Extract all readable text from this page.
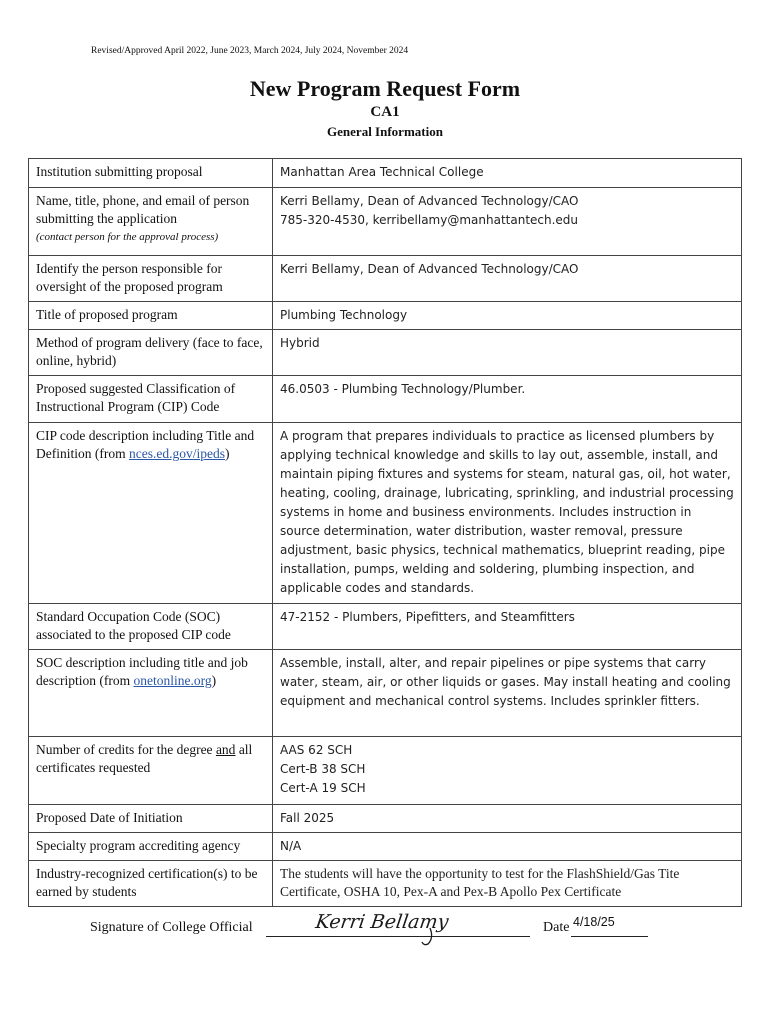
Revised/Approved April 2022, June 2023, March 2024, July 2024, November 2024
New Program Request Form
CA1
General Information
Institution submitting proposal	Manhattan Area Technical College
Name, title, phone, and email of person submitting the application
(contact person for the approval process)	Kerri Bellamy, Dean of Advanced Technology/CAO
785-320-4530, kerribellamy@manhattantech.edu

Identify the person responsible for oversight of the proposed program	Kerri Bellamy, Dean of Advanced Technology/CAO
Title of proposed program	Plumbing Technology
Method of program delivery (face to face, online, hybrid)	Hybrid
Proposed suggested Classification of Instructional Program (CIP) Code	46.0503 - Plumbing Technology/Plumber.
CIP code description including Title and Definition (from nces.ed.gov/ipeds)	A program that prepares individuals to practice as licensed plumbers by applying technical knowledge and skills to lay out, assemble, install, and maintain piping fixtures and systems for steam, natural gas, oil, hot water, heating, cooling, drainage, lubricating, sprinkling, and industrial processing systems in home and business environments. Includes instruction in source determination, water distribution, waster removal, pressure adjustment, basic physics, technical mathematics, blueprint reading, pipe installation, pumps, welding and soldering, plumbing inspection, and applicable codes and standards.
Standard Occupation Code (SOC) associated to the proposed CIP code	47-2152 - Plumbers, Pipefitters, and Steamfitters
SOC description including title and job description (from onetonline.org)	Assemble, install, alter, and repair pipelines or pipe systems that carry water, steam, air, or other liquids or gases. May install heating and cooling equipment and mechanical control systems. Includes sprinkler fitters.
Number of credits for the degree and all certificates requested	AAS 62 SCH
Cert-B 38 SCH
Cert-A 19 SCH

Proposed Date of Initiation	Fall 2025
Specialty program accrediting agency	N/A
Industry-recognized certification(s) to be earned by students	The students will have the opportunity to test for the FlashShield/Gas Tite Certificate, OSHA 10, Pex-A and Pex-B Apollo Pex Certificate
Signature of College Official	Kerri Bellamy	Date 4/18/25
